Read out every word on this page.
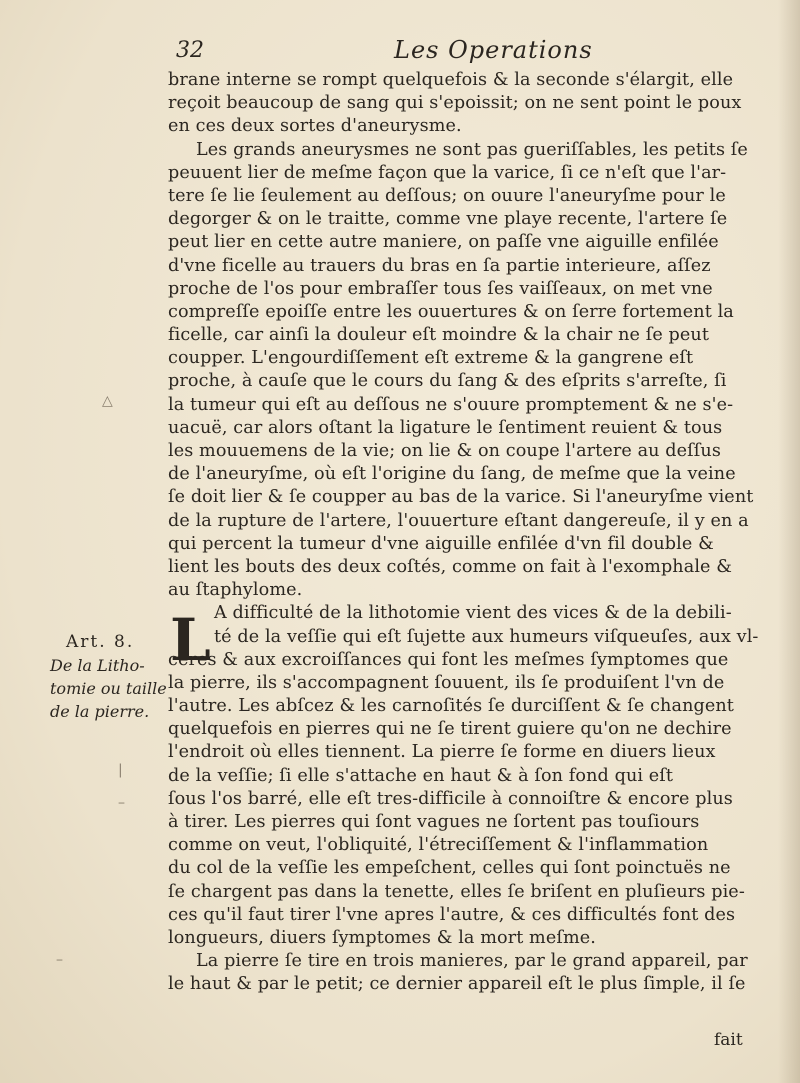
32	Les Operations
brane interne se rompt quelquefois & la seconde s'élargit, elle
reçoit beaucoup de sang qui s'epoissit; on ne sent point le poux
en ces deux sortes d'aneurysme.
Les grands aneurysmes ne sont pas gueriſſables, les petits ſe
peuuent lier de meſme façon que la varice, ſi ce n'eſt que l'ar-
tere ſe lie ſeulement au deſſous; on ouure l'aneuryſme pour le
degorger & on le traitte, comme vne playe recente, l'artere ſe
peut lier en cette autre maniere, on paſſe vne aiguille enfilée
d'vne ficelle au trauers du bras en ſa partie interieure, aſſez
proche de l'os pour embraſſer tous ſes vaiſſeaux, on met vne
compreſſe epoiſſe entre les ouuertures & on ſerre fortement la
ficelle, car ainſi la douleur eſt moindre & la chair ne ſe peut
coupper. L'engourdiſſement eſt extreme & la gangrene eſt
proche, à cauſe que le cours du ſang & des eſprits s'arreſte, ſi
la tumeur qui eſt au deſſous ne s'ouure promptement & ne s'e-
uacuë, car alors oſtant la ligature le ſentiment reuient & tous
les mouuemens de la vie; on lie & on coupe l'artere au deſſus
de l'aneuryſme, où eſt l'origine du ſang, de meſme que la veine
ſe doit lier & ſe coupper au bas de la varice. Si l'aneuryſme vient
de la rupture de l'artere, l'ouuerture eſtant dangereuſe, il y en a
qui percent la tumeur d'vne aiguille enfilée d'vn fil double &
lient les bouts des deux coſtés, comme on fait à l'exomphale &
au ſtaphylome.
A difficulté de la lithotomie vient des vices & de la debili-
té de la veſſie qui eſt ſujette aux humeurs viſqueuſes, aux vl-
ceres & aux excroiſſances qui font les meſmes ſymptomes que
la pierre, ils s'accompagnent ſouuent, ils ſe produiſent l'vn de
l'autre. Les abſcez & les carnoſités ſe durciſſent & ſe changent
quelquefois en pierres qui ne ſe tirent guiere qu'on ne dechire
l'endroit où elles tiennent. La pierre ſe forme en diuers lieux
de la veſſie; ſi elle s'attache en haut & à ſon fond qui eſt
ſous l'os barré, elle eſt tres-difficile à connoiſtre & encore plus
à tirer. Les pierres qui ſont vagues ne ſortent pas touſiours
comme on veut, l'obliquité, l'étreciſſement & l'inflammation
du col de la veſſie les empeſchent, celles qui ſont poinctuës ne
ſe chargent pas dans la tenette, elles ſe briſent en pluſieurs pie-
ces qu'il faut tirer l'vne apres l'autre, & ces difficultés font des
longueurs, diuers ſymptomes & la mort meſme.
La pierre ſe tire en trois manieres, par le grand appareil, par
le haut & par le petit; ce dernier appareil eſt le plus ſimple, il ſe
L
Art. 8.
De la Litho-
tomie ou taille
de la pierre.
fait
△
|
–
–
